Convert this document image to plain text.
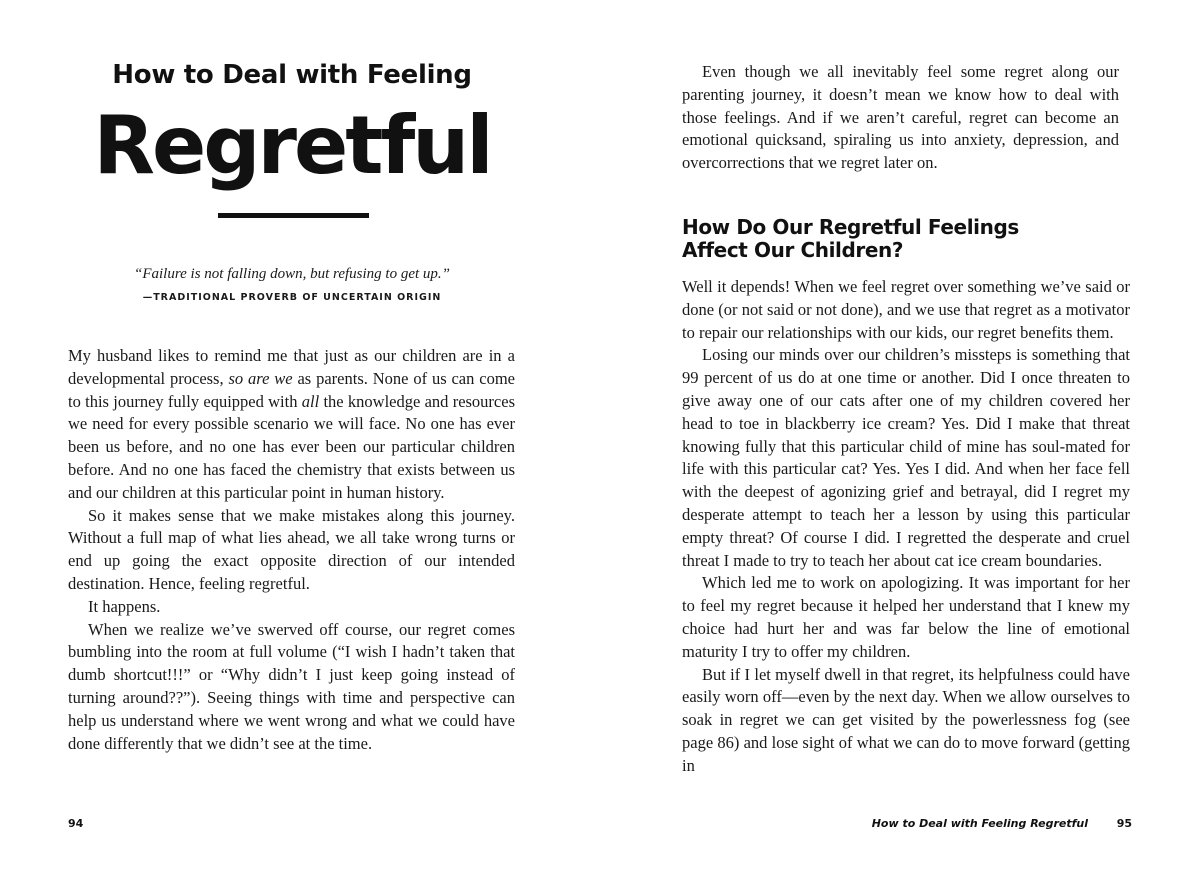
How to Deal with Feeling
Regretful
“Failure is not falling down, but refusing to get up.”
—TRADITIONAL PROVERB OF UNCERTAIN ORIGIN

My husband likes to remind me that just as our children are in a developmental process, so are we as parents. None of us can come to this journey fully equipped with all the knowledge and resources we need for every possible scenario we will face. No one has ever been us before, and no one has ever been our particular children before. And no one has faced the chemistry that exists between us and our children at this particular point in human history.

So it makes sense that we make mistakes along this journey. Without a full map of what lies ahead, we all take wrong turns or end up going the exact opposite direction of our intended destination. Hence, feeling regretful.

It happens.

When we realize we’ve swerved off course, our regret comes bumbling into the room at full volume (“I wish I hadn’t taken that dumb shortcut!!!” or “Why didn’t I just keep going instead of turning around??”). Seeing things with time and perspective can help us understand where we went wrong and what we could have done differently that we didn’t see at the time.

94

Even though we all inevitably feel some regret along our parenting journey, it doesn’t mean we know how to deal with those feelings. And if we aren’t careful, regret can become an emotional quicksand, spiraling us into anxiety, depression, and overcorrections that we regret later on.

How Do Our Regretful Feelings
Affect Our Children?

Well it depends! When we feel regret over something we’ve said or done (or not said or not done), and we use that regret as a motivator to repair our relationships with our kids, our regret benefits them.

Losing our minds over our children’s missteps is something that 99 percent of us do at one time or another. Did I once threaten to give away one of our cats after one of my children covered her head to toe in blackberry ice cream? Yes. Did I make that threat knowing fully that this particular child of mine has soul-mated for life with this particular cat? Yes. Yes I did. And when her face fell with the deepest of agonizing grief and betrayal, did I regret my desperate attempt to teach her a lesson by using this particular empty threat? Of course I did. I regretted the desperate and cruel threat I made to try to teach her about cat ice cream boundaries.

Which led me to work on apologizing. It was important for her to feel my regret because it helped her understand that I knew my choice had hurt her and was far below the line of emotional maturity I try to offer my children.

But if I let myself dwell in that regret, its helpfulness could have easily worn off—even by the next day. When we allow ourselves to soak in regret we can get visited by the powerlessness fog (see page 86) and lose sight of what we can do to move forward (getting in

How to Deal with Feeling Regretful	95
